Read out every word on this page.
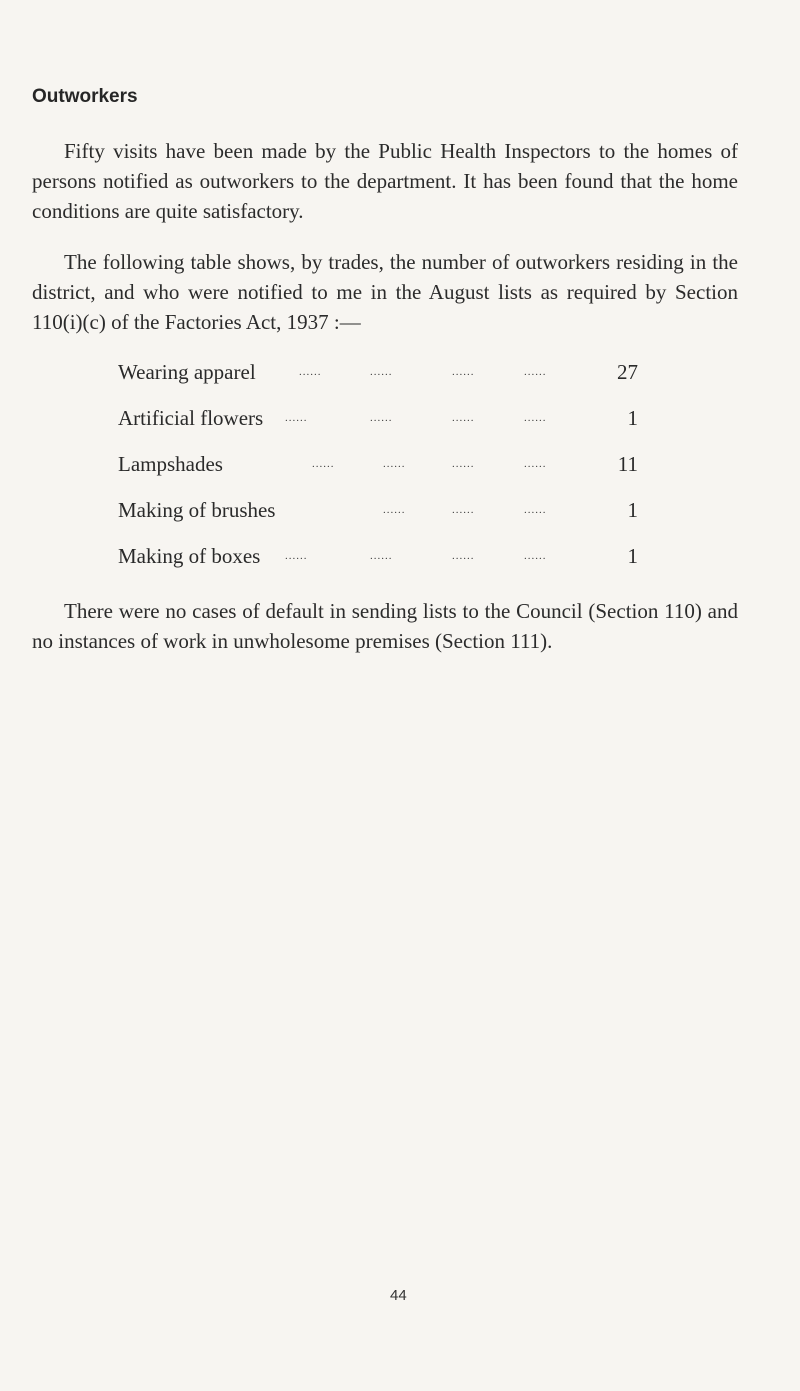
Outworkers

Fifty visits have been made by the Public Health Inspectors to the homes of persons notified as outworkers to the department. It has been found that the home conditions are quite satisfactory.

The following table shows, by trades, the number of outworkers residing in the district, and who were notified to me in the August lists as required by Section 110(i)(c) of the Factories Act, 1937 :—

Wearing apparel	......	......	......	......	27
Artificial flowers ......	......	......	......	1
Lampshades	......	......	......	......	11
Making of brushes	......	......	......	1
Making of boxes ......	......	......	......	1

There were no cases of default in sending lists to the Council (Section 110) and no instances of work in unwholesome premises (Section 111).

44
